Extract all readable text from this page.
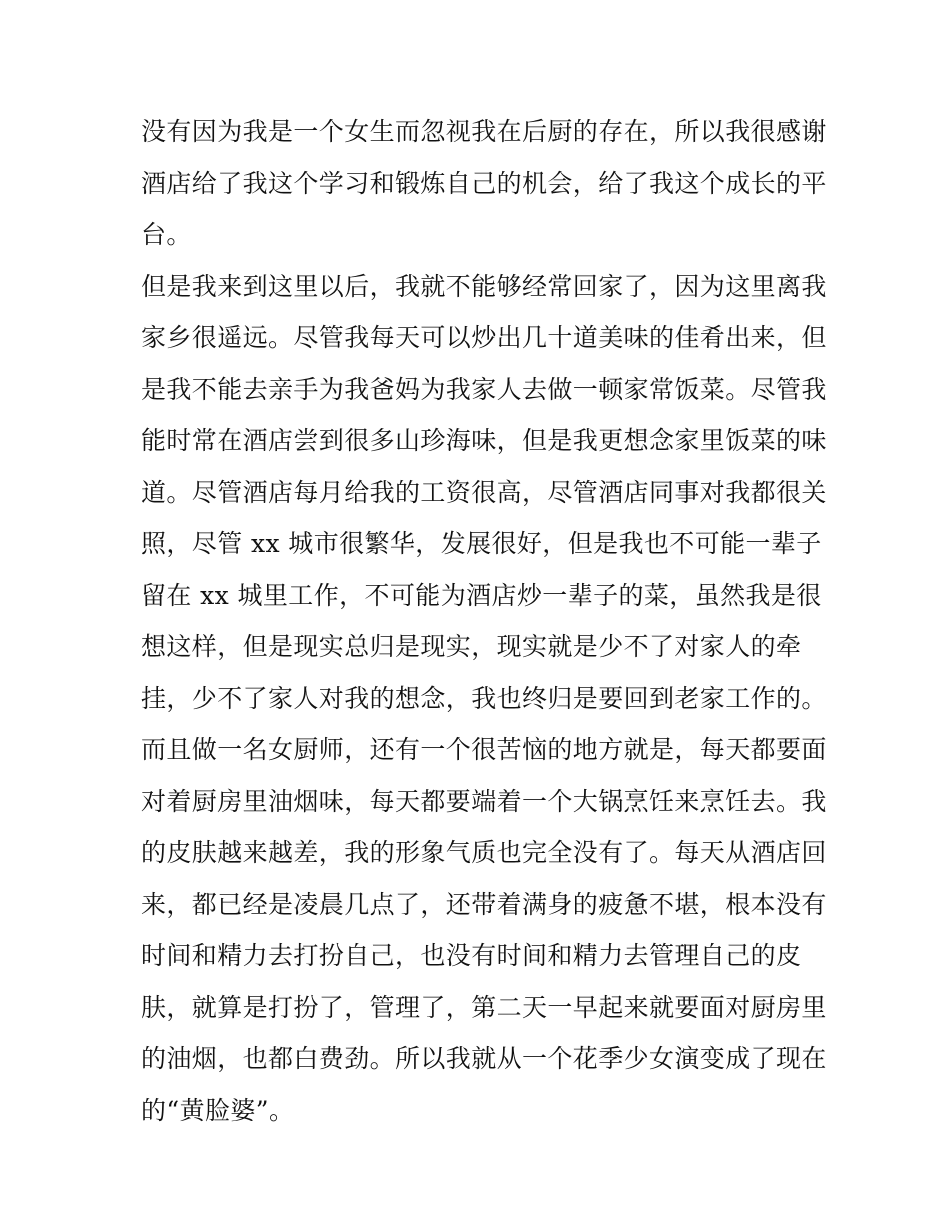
没有因为我是一个女生而忽视我在后厨的存在，所以我很感谢
酒店给了我这个学习和锻炼自己的机会，给了我这个成长的平
台。
但是我来到这里以后，我就不能够经常回家了，因为这里离我
家乡很遥远。尽管我每天可以炒出几十道美味的佳肴出来，但
是我不能去亲手为我爸妈为我家人去做一顿家常饭菜。尽管我
能时常在酒店尝到很多山珍海味，但是我更想念家里饭菜的味
道。尽管酒店每月给我的工资很高，尽管酒店同事对我都很关
照，尽管 xx 城市很繁华，发展很好，但是我也不可能一辈子
留在 xx 城里工作，不可能为酒店炒一辈子的菜，虽然我是很
想这样，但是现实总归是现实，现实就是少不了对家人的牵
挂，少不了家人对我的想念，我也终归是要回到老家工作的。
而且做一名女厨师，还有一个很苦恼的地方就是，每天都要面
对着厨房里油烟味，每天都要端着一个大锅烹饪来烹饪去。我
的皮肤越来越差，我的形象气质也完全没有了。每天从酒店回
来，都已经是凌晨几点了，还带着满身的疲惫不堪，根本没有
时间和精力去打扮自己，也没有时间和精力去管理自己的皮
肤，就算是打扮了，管理了，第二天一早起来就要面对厨房里
的油烟，也都白费劲。所以我就从一个花季少女演变成了现在
的“黄脸婆”。
